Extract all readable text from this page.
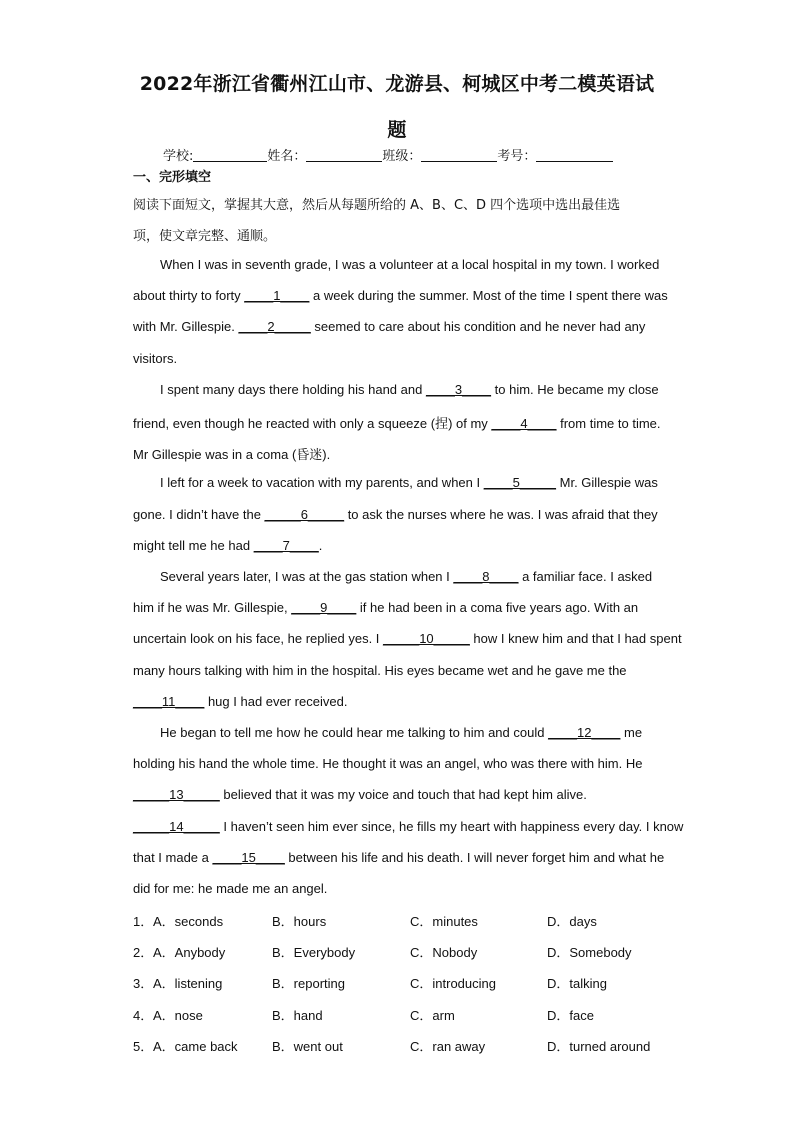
2022年浙江省衢州江山市、龙游县、柯城区中考二模英语试
题
学校:	姓名：	班级：	考号：
一、完形填空
阅读下面短文，掌握其大意，然后从每题所给的 A、B、C、D 四个选项中选出最佳选
项，使文章完整、通顺。
When I was in seventh grade, I was a volunteer at a local hospital in my town. I worked
about thirty to forty ____1____ a week during the summer. Most of the time I spent there was
with Mr. Gillespie. ____2_____ seemed to care about his condition and he never had any
visitors.
I spent many days there holding his hand and ____3____ to him. He became my close
friend, even though he reacted with only a squeeze (捏) of my ____4____ from time to time.
Mr Gillespie was in a coma (昏迷).
I left for a week to vacation with my parents, and when I ____5_____ Mr. Gillespie was
gone. I didn’t have the _____6_____ to ask the nurses where he was. I was afraid that they
might tell me he had ____7____.
Several years later, I was at the gas station when I ____8____ a familiar face. I asked
him if he was Mr. Gillespie, ____9____ if he had been in a coma five years ago. With an
uncertain look on his face, he replied yes. I _____10_____ how I knew him and that I had spent
many hours talking with him in the hospital. His eyes became wet and he gave me the
____11____ hug I had ever received.
He began to tell me how he could hear me talking to him and could ____12____ me
holding his hand the whole time. He thought it was an angel, who was there with him. He
_____13_____ believed that it was my voice and touch that had kept him alive.
_____14_____ I haven’t seen him ever since, he fills my heart with happiness every day. I know
that I made a ____15____ between his life and his death. I will never forget him and what he
did for me: he made me an angel.
1． A．seconds	B．hours	C．minutes	D．days
2． A．Anybody	B．Everybody	C．Nobody	D．Somebody
3． A．listening	B．reporting	C．introducing	D．talking
4． A．nose	B．hand	C．arm	D．face
5． A．came back	B．went out	C．ran away	D．turned around
